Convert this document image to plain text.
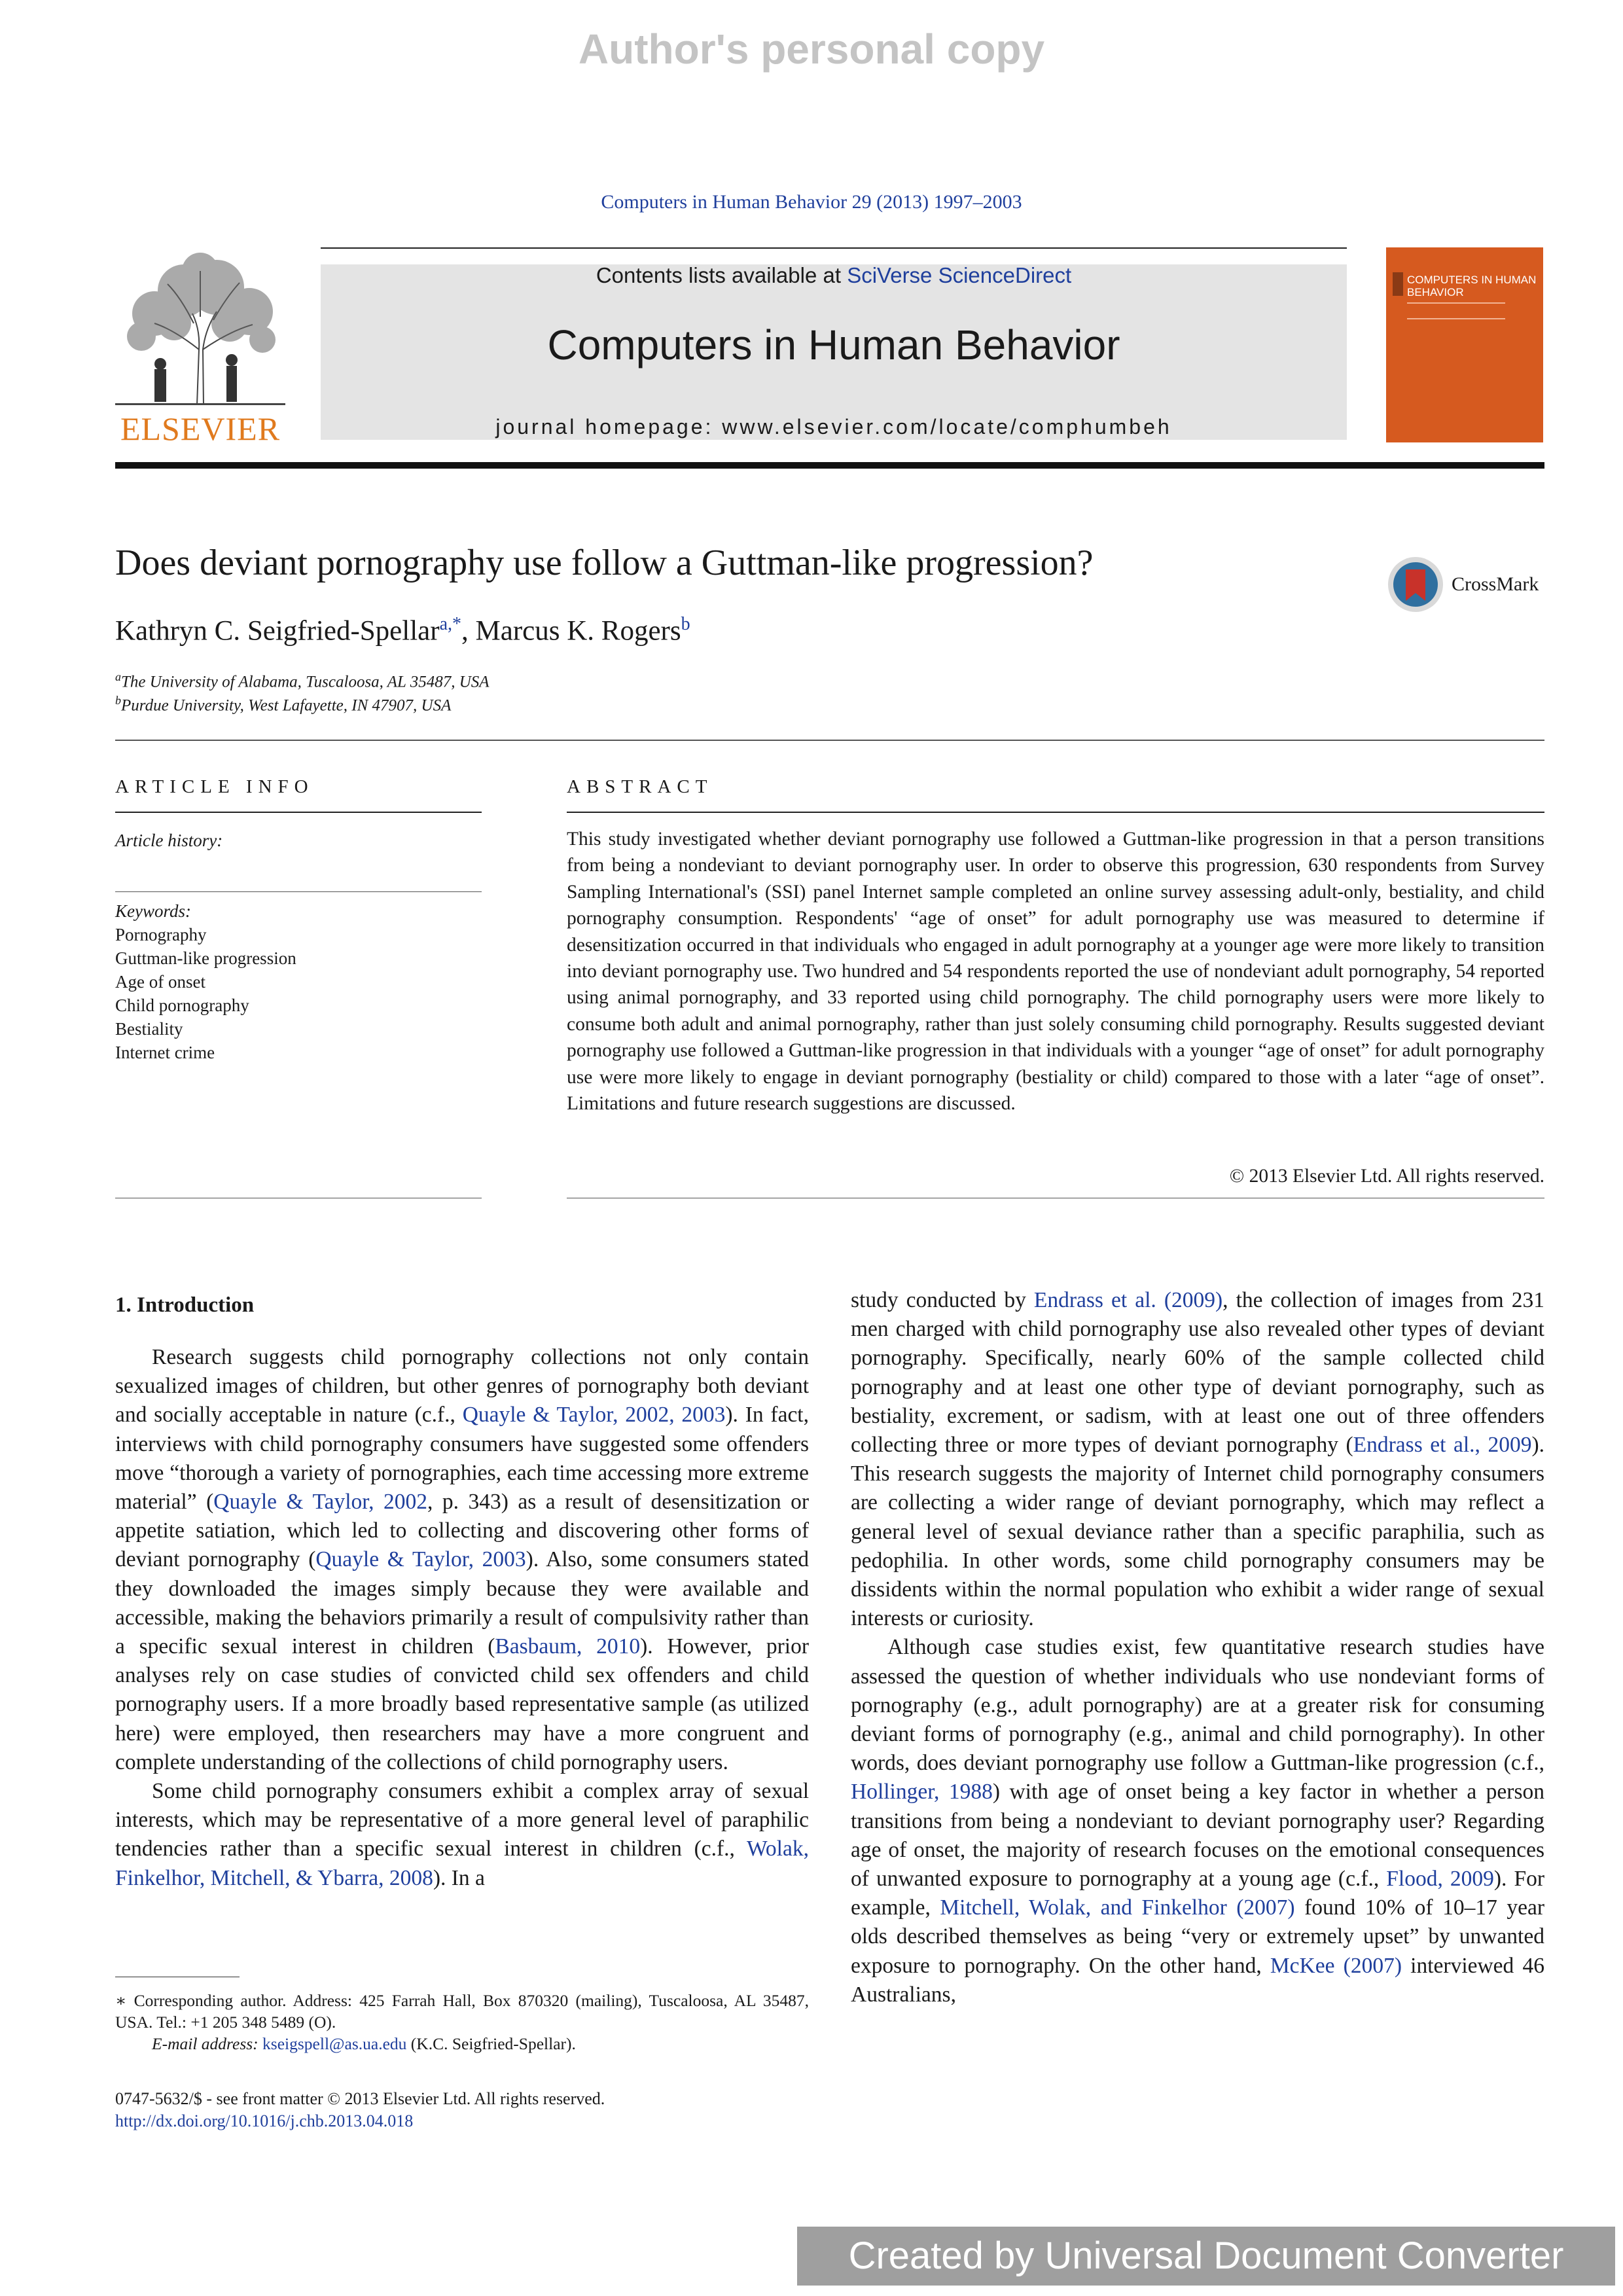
Author's personal copy
Computers in Human Behavior 29 (2013) 1997–2003
ELSEVIER
Contents lists available at SciVerse ScienceDirect
Computers in Human Behavior
journal homepage: www.elsevier.com/locate/comphumbeh
COMPUTERS IN HUMAN BEHAVIOR
Does deviant pornography use follow a Guttman-like progression?
CrossMark
Kathryn C. Seigfried-Spellar$^{a,*}$, Marcus K. Rogers$^b$
$^a$The University of Alabama, Tuscaloosa, AL 35487, USA
$^b$Purdue University, West Lafayette, IN 47907, USA
ARTICLE INFO
Article history:
Keywords:
Pornography
Guttman-like progression
Age of onset
Child pornography
Bestiality
Internet crime
ABSTRACT
This study investigated whether deviant pornography use followed a Guttman-like progression in that a person transitions from being a nondeviant to deviant pornography user. In order to observe this progression, 630 respondents from Survey Sampling International's (SSI) panel Internet sample completed an online survey assessing adult-only, bestiality, and child pornography consumption. Respondents' “age of onset” for adult pornography use was measured to determine if desensitization occurred in that individuals who engaged in adult pornography at a younger age were more likely to transition into deviant pornography use. Two hundred and 54 respondents reported the use of nondeviant adult pornography, 54 reported using animal pornography, and 33 reported using child pornography. The child pornography users were more likely to consume both adult and animal pornography, rather than just solely consuming child pornography. Results suggested deviant pornography use followed a Guttman-like progression in that individuals with a younger “age of onset” for adult pornography use were more likely to engage in deviant pornography (bestiality or child) compared to those with a later “age of onset”. Limitations and future research suggestions are discussed.
© 2013 Elsevier Ltd. All rights reserved.
1. Introduction

Research suggests child pornography collections not only contain sexualized images of children, but other genres of pornography both deviant and socially acceptable in nature (c.f., Quayle & Taylor, 2002, 2003). In fact, interviews with child pornography consumers have suggested some offenders move “thorough a variety of pornographies, each time accessing more extreme material” (Quayle & Taylor, 2002, p. 343) as a result of desensitization or appetite satiation, which led to collecting and discovering other forms of deviant pornography (Quayle & Taylor, 2003). Also, some consumers stated they downloaded the images simply because they were available and accessible, making the behaviors primarily a result of compulsivity rather than a specific sexual interest in children (Basbaum, 2010). However, prior analyses rely on case studies of convicted child sex offenders and child pornography users. If a more broadly based representative sample (as utilized here) were employed, then researchers may have a more congruent and complete understanding of the collections of child pornography users.

Some child pornography consumers exhibit a complex array of sexual interests, which may be representative of a more general level of paraphilic tendencies rather than a specific sexual interest in children (c.f., Wolak, Finkelhor, Mitchell, & Ybarra, 2008). In a

study conducted by Endrass et al. (2009), the collection of images from 231 men charged with child pornography use also revealed other types of deviant pornography. Specifically, nearly 60% of the sample collected child pornography and at least one other type of deviant pornography, such as bestiality, excrement, or sadism, with at least one out of three offenders collecting three or more types of deviant pornography (Endrass et al., 2009). This research suggests the majority of Internet child pornography consumers are collecting a wider range of deviant pornography, which may reflect a general level of sexual deviance rather than a specific paraphilia, such as pedophilia. In other words, some child pornography consumers may be dissidents within the normal population who exhibit a wider range of sexual interests or curiosity.

Although case studies exist, few quantitative research studies have assessed the question of whether individuals who use nondeviant forms of pornography (e.g., adult pornography) are at a greater risk for consuming deviant forms of pornography (e.g., animal and child pornography). In other words, does deviant pornography use follow a Guttman-like progression (c.f., Hollinger, 1988) with age of onset being a key factor in whether a person transitions from being a nondeviant to deviant pornography user? Regarding age of onset, the majority of research focuses on the emotional consequences of unwanted exposure to pornography at a young age (c.f., Flood, 2009). For example, Mitchell, Wolak, and Finkelhor (2007) found 10% of 10–17 year olds described themselves as being “very or extremely upset” by unwanted exposure to pornography. On the other hand, McKee (2007) interviewed 46 Australians,

∗ Corresponding author. Address: 425 Farrah Hall, Box 870320 (mailing), Tuscaloosa, AL 35487, USA. Tel.: +1 205 348 5489 (O).
E-mail address: kseigspell@as.ua.edu (K.C. Seigfried-Spellar).
0747-5632/$ - see front matter © 2013 Elsevier Ltd. All rights reserved.
http://dx.doi.org/10.1016/j.chb.2013.04.018
Created by Universal Document Converter
